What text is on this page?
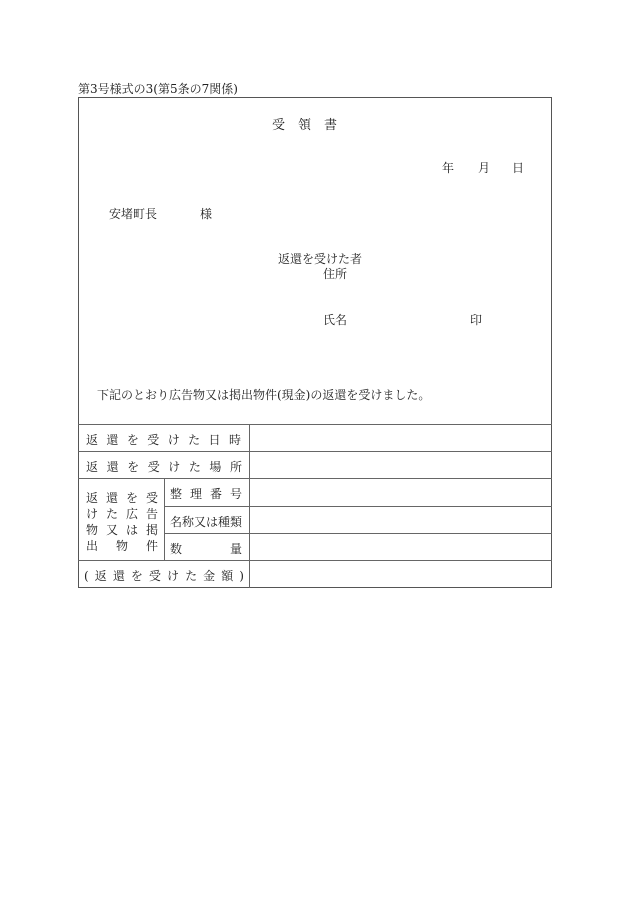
第3号様式の3(第5条の7関係)
受　領　書
年 月 日
安堵町長	様
返還を受けた者
住所
氏名	印
下記のとおり広告物又は掲出物件(現金)の返還を受けました。
返還を受けた日時
返還を受けた場所
返還を受
けた広告
物又は掲
出　物　件
整理番号
名称又は種類
数量
(返還を受けた金額)
